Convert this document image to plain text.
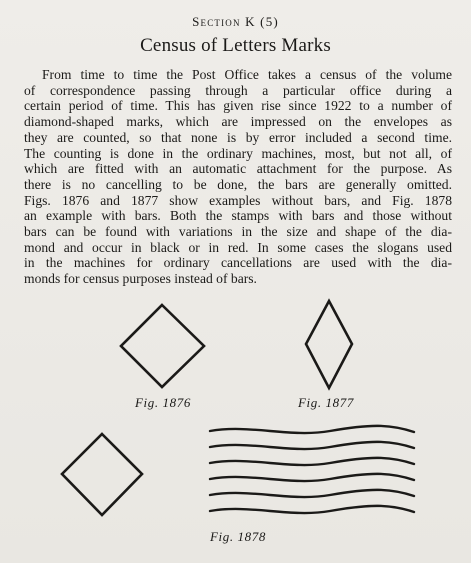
Section K (5)
Census of Letters Marks
From time to time the Post Office takes a census of the volume
of correspondence passing through a particular office during a
certain period of time. This has given rise since 1922 to a number of
diamond-shaped marks, which are impressed on the envelopes as
they are counted, so that none is by error included a second time.
The counting is done in the ordinary machines, most, but not all, of
which are fitted with an automatic attachment for the purpose. As
there is no cancelling to be done, the bars are generally omitted.
Figs. 1876 and 1877 show examples without bars, and Fig. 1878
an example with bars. Both the stamps with bars and those without
bars can be found with variations in the size and shape of the dia-
mond and occur in black or in red. In some cases the slogans used
in the machines for ordinary cancellations are used with the dia-
monds for census purposes instead of bars.
Fig. 1876	Fig. 1877
Fig. 1878
